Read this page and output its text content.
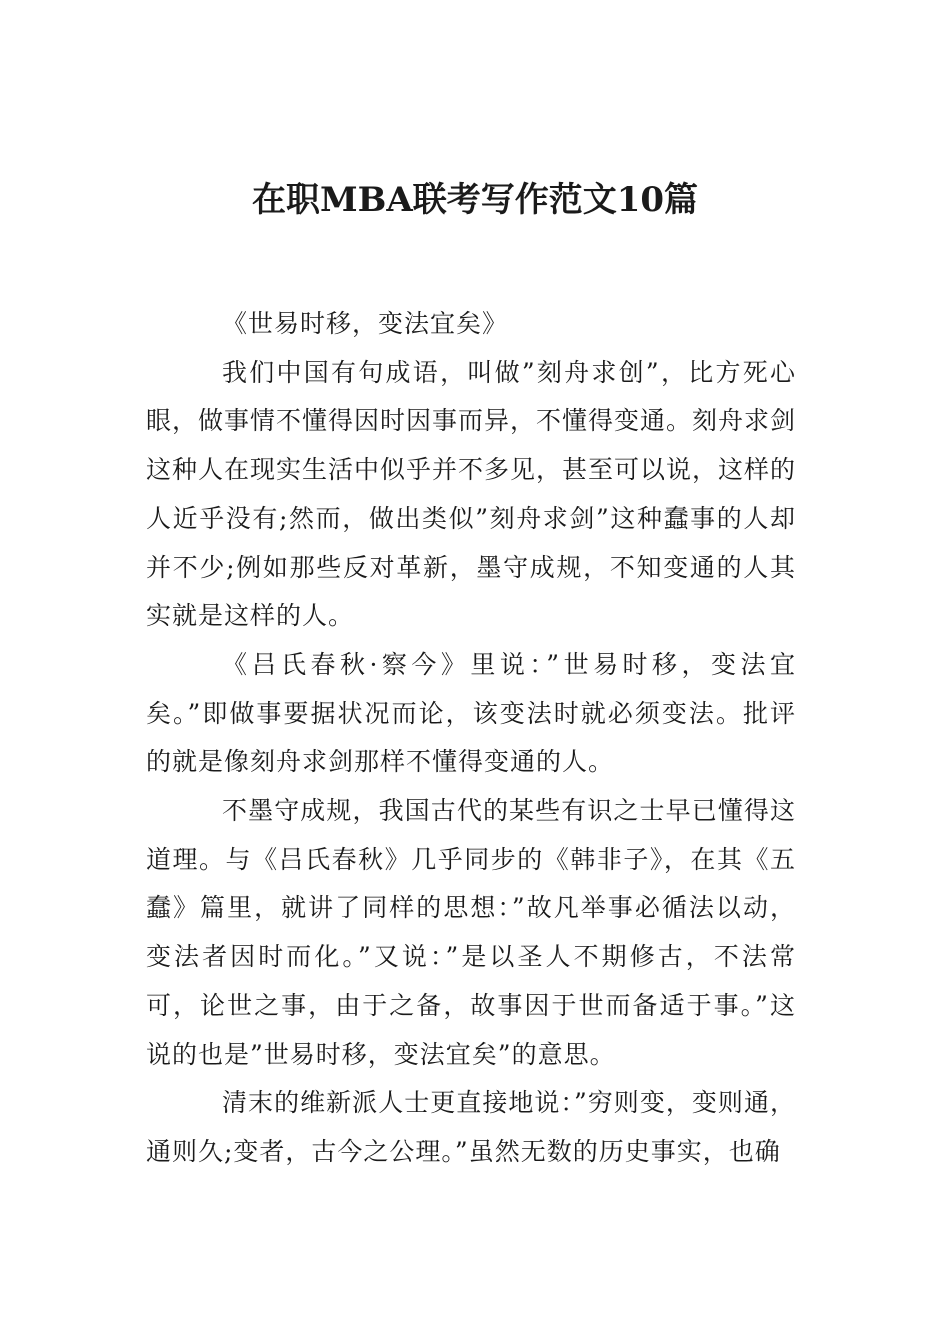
在职MBA联考写作范文10篇

《世易时移，变法宜矣》

我们中国有句成语，叫做”刻舟求创”，比方死心眼，做事情不懂得因时因事而异，不懂得变通。刻舟求剑这种人在现实生活中似乎并不多见，甚至可以说，这样的人近乎没有;然而，做出类似”刻舟求剑”这种蠢事的人却并不少;例如那些反对革新，墨守成规，不知变通的人其实就是这样的人。

《吕氏春秋·察今》里说：”世易时移，变法宜矣。”即做事要据状况而论，该变法时就必须变法。批评的就是像刻舟求剑那样不懂得变通的人。

不墨守成规，我国古代的某些有识之士早已懂得这道理。与《吕氏春秋》几乎同步的《韩非子》，在其《五蠢》篇里，就讲了同样的思想：”故凡举事必循法以动，变法者因时而化。”又说：”是以圣人不期修古，不法常可，论世之事，由于之备，故事因于世而备适于事。”这说的也是”世易时移，变法宜矣”的意思。

清末的维新派人士更直接地说：”穷则变，变则通，通则久;变者，古今之公理。”虽然无数的历史事实，也确
